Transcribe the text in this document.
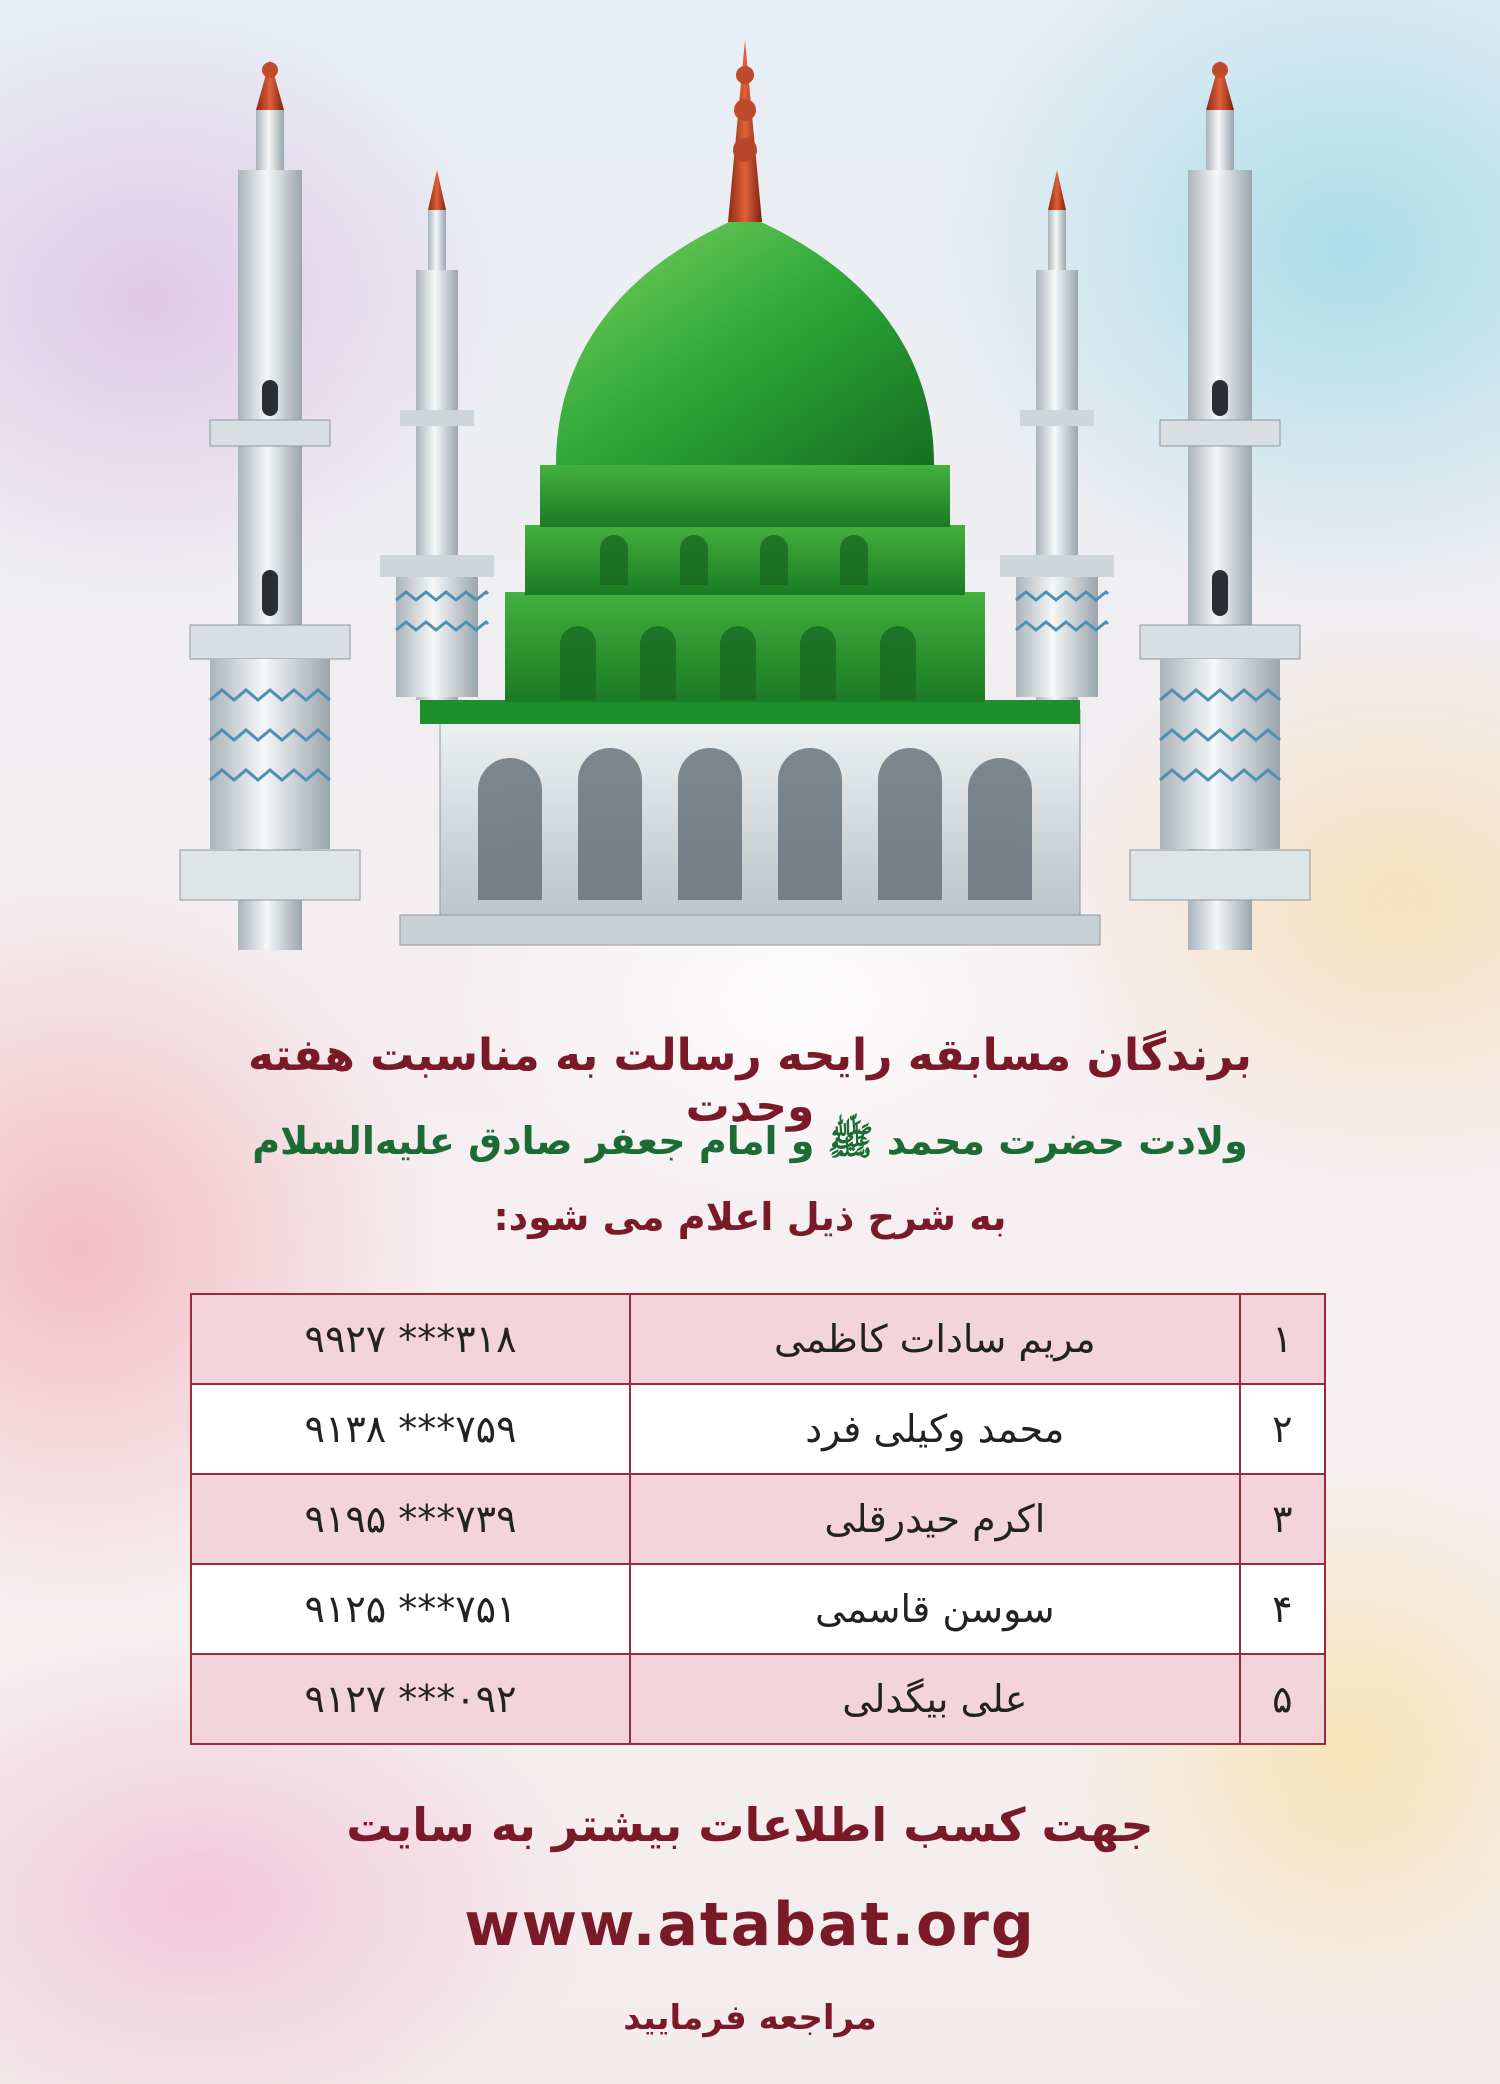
برندگان مسابقه رایحه رسالت به مناسبت هفته وحدت

ولادت حضرت محمد ﷺ و امام جعفر صادق علیه‌السلام

به شرح ذیل اعلام می شود:

۱	مریم سادات کاظمی	۹۹۲۷ ***۳۱۸
۲	محمد وکیلی فرد	۹۱۳۸ ***۷۵۹
۳	اکرم حیدرقلی	۹۱۹۵ ***۷۳۹
۴	سوسن قاسمی	۹۱۲۵ ***۷۵۱
۵	علی بیگدلی	۹۱۲۷ ***۰۹۲

جهت کسب اطلاعات بیشتر به سایت

www.atabat.org
مراجعه فرمایید
